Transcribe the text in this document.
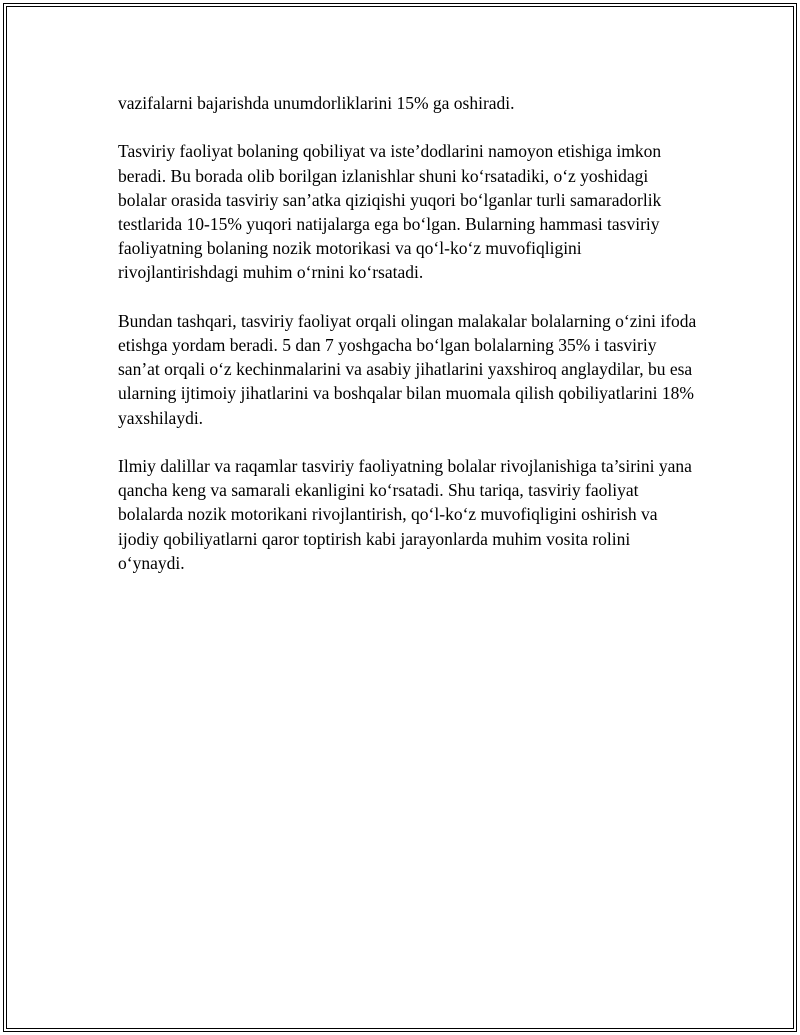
vazifalarni bajarishda unumdorliklarini 15% ga oshiradi.

Tasviriy faoliyat bolaning qobiliyat va iste’dodlarini namoyon etishiga imkon beradi. Bu borada olib borilgan izlanishlar shuni ko‘rsatadiki, o‘z yoshidagi bolalar orasida tasviriy san’atka qiziqishi yuqori bo‘lganlar turli samaradorlik testlarida 10-15% yuqori natijalarga ega bo‘lgan. Bularning hammasi tasviriy faoliyatning bolaning nozik motorikasi va qo‘l-ko‘z muvofiqligini rivojlantirishdagi muhim o‘rnini ko‘rsatadi.

Bundan tashqari, tasviriy faoliyat orqali olingan malakalar bolalarning o‘zini ifoda etishga yordam beradi. 5 dan 7 yoshgacha bo‘lgan bolalarning 35% i tasviriy san’at orqali o‘z kechinmalarini va asabiy jihatlarini yaxshiroq anglaydilar, bu esa ularning ijtimoiy jihatlarini va boshqalar bilan muomala qilish qobiliyatlarini 18% yaxshilaydi.

Ilmiy dalillar va raqamlar tasviriy faoliyatning bolalar rivojlanishiga ta’sirini yana qancha keng va samarali ekanligini ko‘rsatadi. Shu tariqa, tasviriy faoliyat bolalarda nozik motorikani rivojlantirish, qo‘l-ko‘z muvofiqligini oshirish va ijodiy qobiliyatlarni qaror toptirish kabi jarayonlarda muhim vosita rolini o‘ynaydi.
